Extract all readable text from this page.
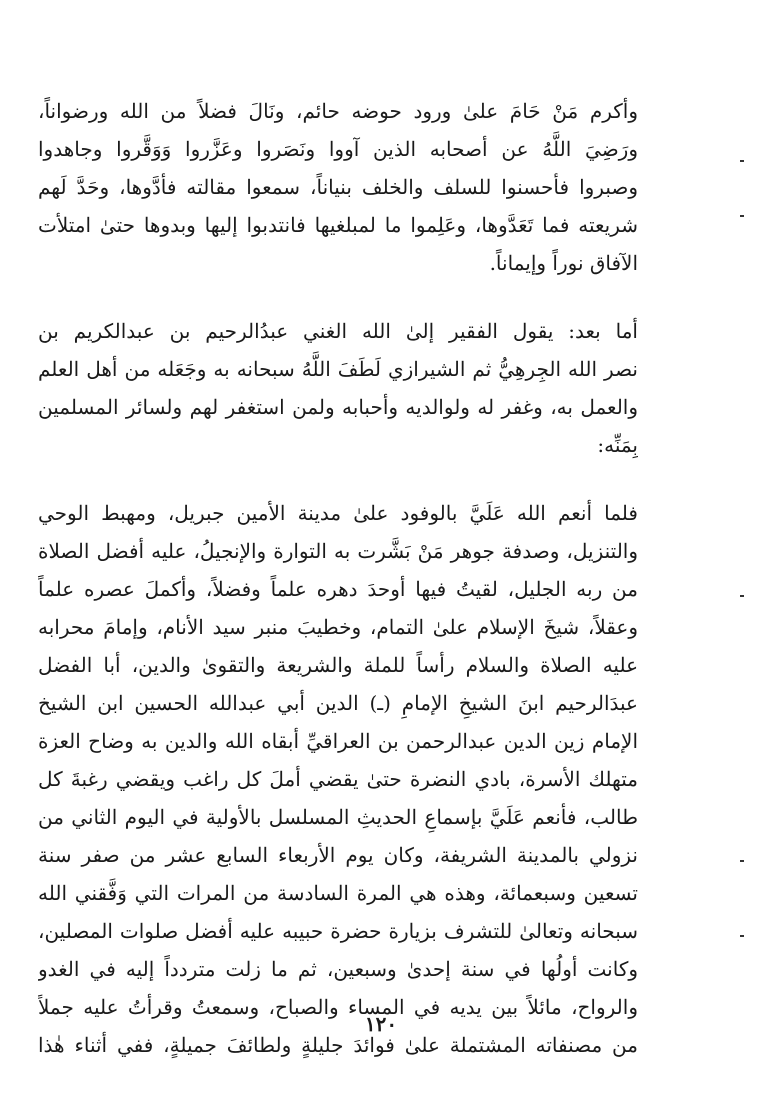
وأكرم مَنْ حَامَ علىٰ ورود حوضه حائم، ونَالَ فضلاً من الله ورضواناً،
ورَضِيَ اللَّهُ عن أصحابه الذين آووا ونَصَروا وعَزَّروا وَوَقَّروا وجاهدوا
وصبروا فأحسنوا للسلف والخلف بنياناً، سمعوا مقالته فأدَّوها، وحَدَّ لَهم
شريعته فما تَعَدَّوها، وعَلِموا ما لمبلغيها فانتدبوا إليها وبدوها حتىٰ امتلأت
الآفاق نوراً وإيماناً.
أما بعد: يقول الفقير إلىٰ الله الغني عبدُالرحيم بن عبدالكريم بن
نصر الله الجِرهِيُّ ثم الشيرازي لَطَفَ اللَّهُ سبحانه به وجَعَله من أهل العلم
والعمل به، وغفر له ولوالديه وأحبابه ولمن استغفر لهم ولسائر المسلمين
بِمَنِّه:
فلما أنعم الله عَلَيَّ بالوفود علىٰ مدينة الأمين جبريل، ومهبط الوحي
والتنزيل، وصدفة جوهر مَنْ بَشَّرت به التوارة والإنجيلُ، عليه أفضل الصلاة
من ربه الجليل، لقيتُ فيها أوحدَ دهره علماً وفضلاً، وأكملَ عصره علماً
وعقلاً، شيخَ الإسلام علىٰ التمام، وخطيبَ منبر سيد الأنام، وإمامَ محرابه
عليه الصلاة والسلام رأساً للملة والشريعة والتقوىٰ والدين، أبا الفضل
عبدَالرحيم ابنَ الشيخِ الإمامِ (ـ) الدين أبي عبدالله الحسين ابن الشيخ
الإمام زين الدين عبدالرحمن بن العراقيِّ أبقاه الله والدين به وضاح العزة
متهلك الأسرة، بادي النضرة حتىٰ يقضي أملَ كل راغب ويقضي رغبةَ كل
طالب، فأنعم عَلَيَّ بإسماعِ الحديثِ المسلسل بالأولية في اليوم الثاني من
نزولي بالمدينة الشريفة، وكان يوم الأربعاء السابع عشر من صفر سنة
تسعين وسبعمائة، وهذه هي المرة السادسة من المرات التي وَفَّقني الله
سبحانه وتعالىٰ للتشرف بزيارة حضرة حبيبه عليه أفضل صلوات المصلين،
وكانت أولُها في سنة إحدىٰ وسبعين، ثم ما زلت متردداً إليه في الغدو
والرواح، مائلاً بين يديه في المساء والصباح، وسمعتُ وقرأتُ عليه جملاً
من مصنفاته المشتملة علىٰ فوائدَ جليلةٍ ولطائفَ جميلةٍ، ففي أثناء هٰذا
١٢٠
